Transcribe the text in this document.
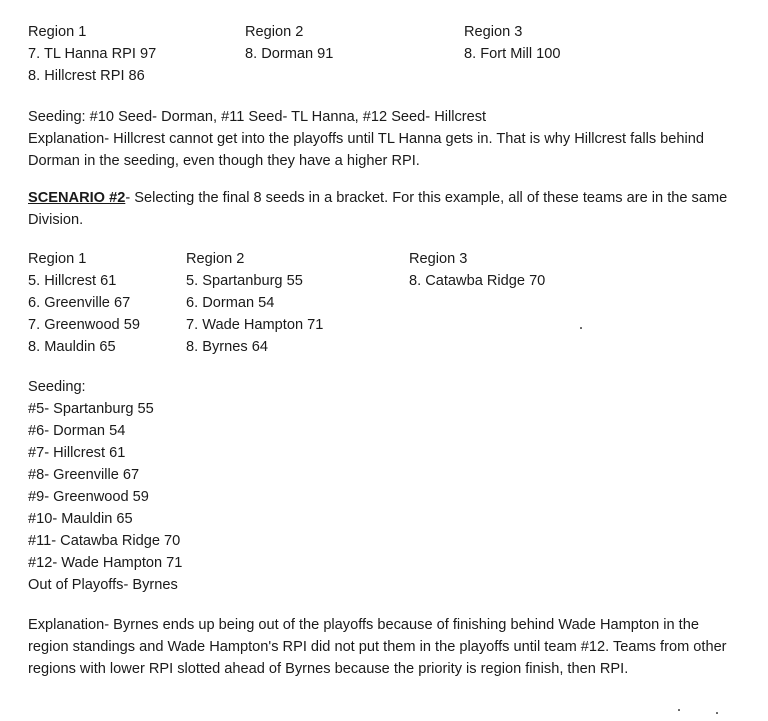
Region 1
7. TL Hanna RPI 97
8. Hillcrest RPI 86
Region 2
8. Dorman 91
Region 3
8. Fort Mill 100
Seeding: #10 Seed- Dorman, #11 Seed- TL Hanna, #12 Seed- Hillcrest
Explanation- Hillcrest cannot get into the playoffs until TL Hanna gets in. That is why Hillcrest falls behind Dorman in the seeding, even though they have a higher RPI.
SCENARIO #2- Selecting the final 8 seeds in a bracket. For this example, all of these teams are in the same Division.
Region 1
5. Hillcrest 61
6. Greenville 67
7. Greenwood 59
8. Mauldin 65
Region 2
5. Spartanburg 55
6. Dorman 54
7. Wade Hampton 71
8. Byrnes 64
Region 3
8. Catawba Ridge 70
Seeding:
#5- Spartanburg 55
#6- Dorman 54
#7- Hillcrest 61
#8- Greenville 67
#9- Greenwood 59
#10- Mauldin 65
#11- Catawba Ridge 70
#12- Wade Hampton 71
Out of Playoffs- Byrnes
Explanation- Byrnes ends up being out of the playoffs because of finishing behind Wade Hampton in the region standings and Wade Hampton's RPI did not put them in the playoffs until team #12. Teams from other regions with lower RPI slotted ahead of Byrnes because the priority is region finish, then RPI.
